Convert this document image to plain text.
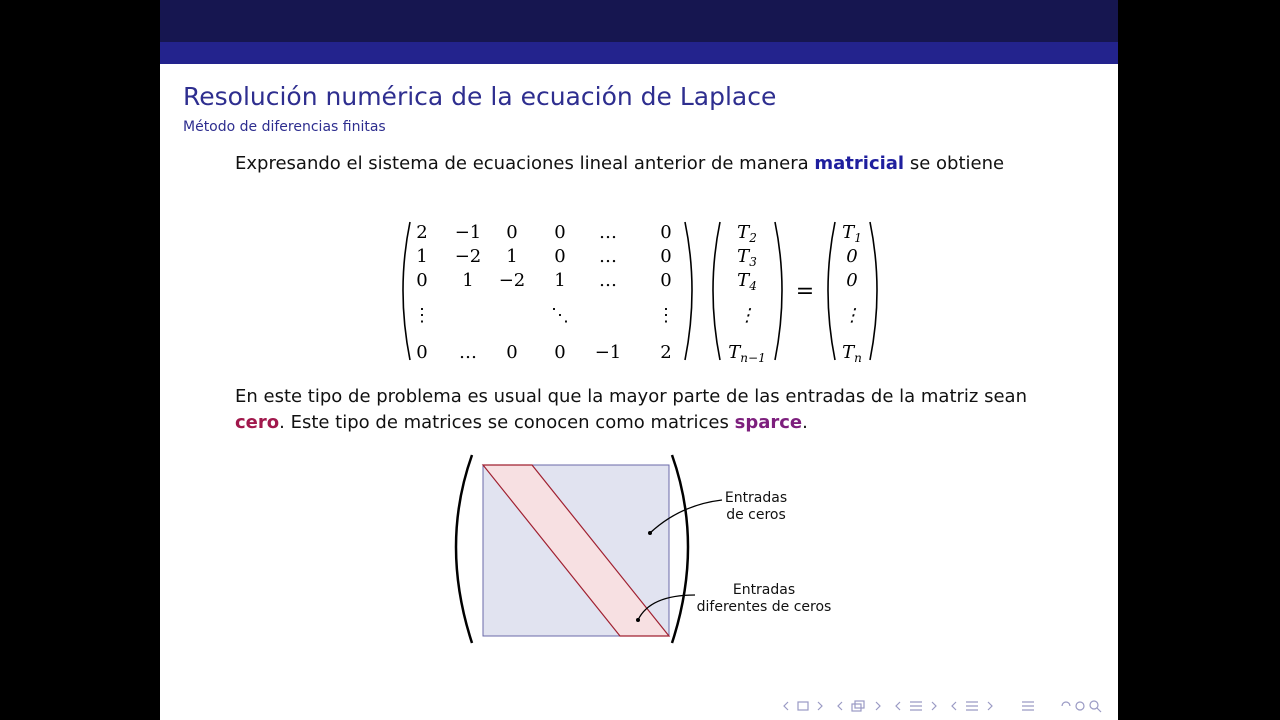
Resolución numérica de la ecuación de Laplace
Método de diferencias finitas
Expresando el sistema de ecuaciones lineal anterior de manera matricial se obtiene
2 −1 0 0 … 0
1 −2 1 0 … 0
0 1 −2 1 … 0
⋮	⋱	⋮
0 … 0 0 −1 2
$T_2$
$T_3$
$T_4$
⋮
$T_{n-1}$
$T_1$
0
0
⋮
$T_n$
=
En este tipo de problema es usual que la mayor parte de las entradas de la matriz sean
cero. Este tipo de matrices se conocen como matrices sparce.
Entradas
de ceros
Entradas
diferentes de ceros
